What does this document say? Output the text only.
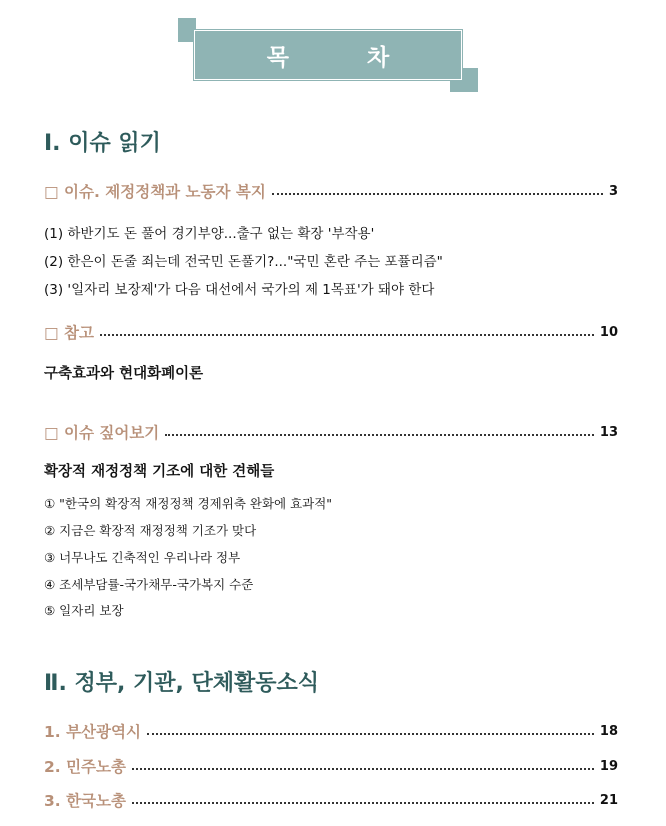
목차
Ⅰ. 이슈 읽기
□ 이슈. 제정정책과 노동자 복지	3
(1) 하반기도 돈 풀어 경기부양...출구 없는 확장 '부작용'
(2) 한은이 돈줄 죄는데 전국민 돈풀기?..."국민 혼란 주는 포퓰리즘"
(3) '일자리 보장제'가 다음 대선에서 국가의 제 1목표'가 돼야 한다
□ 참고	10
구축효과와 현대화폐이론
□ 이슈 짚어보기	13
확장적 재정정책 기조에 대한 견해들
① "한국의 확장적 재정정책 경제위축 완화에 효과적"
② 지금은 확장적 재정정책 기조가 맞다
③ 너무나도 긴축적인 우리나라 정부
④ 조세부담률-국가채무-국가복지 수준
⑤ 일자리 보장
Ⅱ. 정부, 기관, 단체활동소식
1. 부산광역시	18
2. 민주노총	19
3. 한국노총	21
